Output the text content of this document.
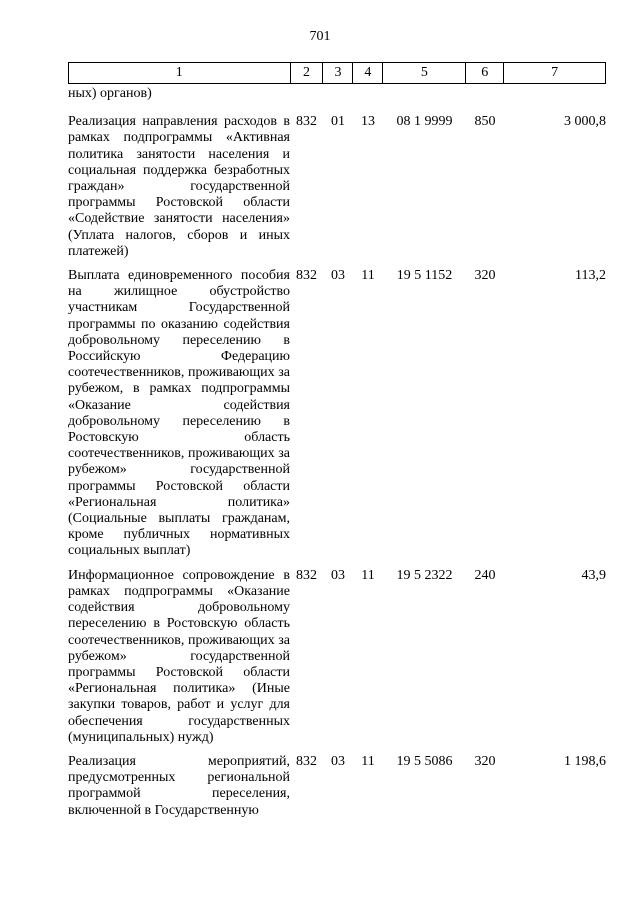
701
1	2	3	4	5	6	7
ных) органов)						
Реализация направления расходов в рамках подпрограммы «Активная политика занятости населения и социальная поддержка безработных граждан» государственной программы Ростовской области «Содействие занятости населения» (Уплата налогов, сборов и иных платежей)	832	01	13	08 1 9999	850	3 000,8
Выплата единовременного пособия на жилищное обустройство участникам Государственной программы по оказанию содействия добровольному переселению в Российскую Федерацию соотечественников, проживающих за рубежом, в рамках подпрограммы «Оказание содействия добровольному переселению в Ростовскую область соотечественников, проживающих за рубежом» государственной программы Ростовской области «Региональная политика» (Социальные выплаты гражданам, кроме публичных нормативных социальных выплат)	832	03	11	19 5 1152	320	113,2
Информационное сопровождение в рамках подпрограммы «Оказание содействия добровольному переселению в Ростовскую область соотечественников, проживающих за рубежом» государственной программы Ростовской области «Региональная политика» (Иные закупки товаров, работ и услуг для обеспечения государственных (муниципальных) нужд)	832	03	11	19 5 2322	240	43,9
Реализация мероприятий, предусмотренных региональной программой переселения, включенной в Государственную	832	03	11	19 5 5086	320	1 198,6
